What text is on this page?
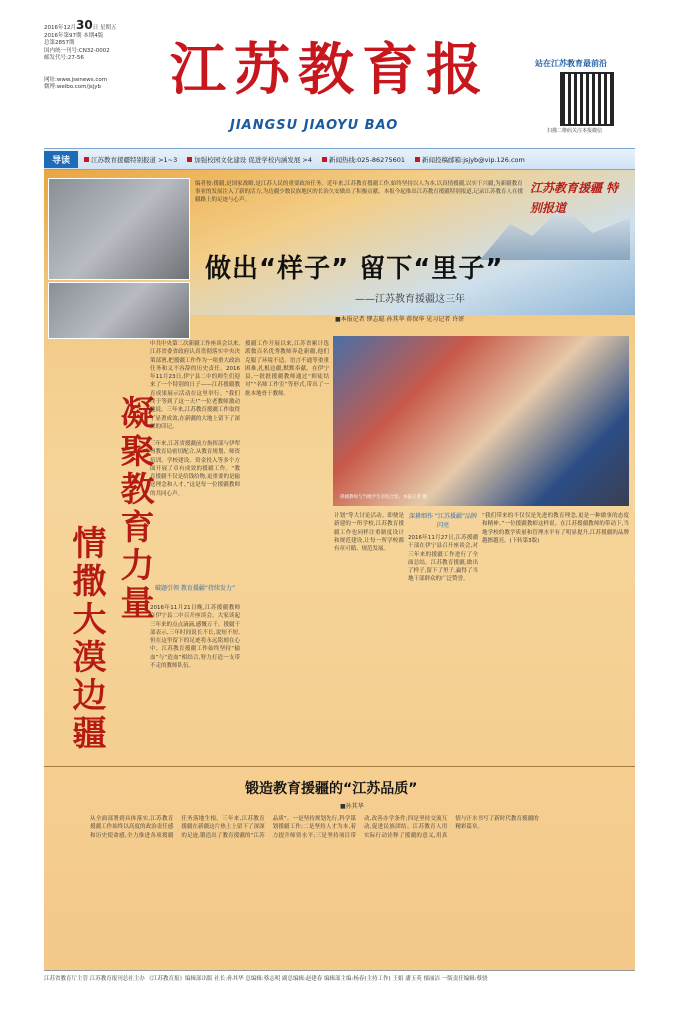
2016年12月30日 星期五
2016年第97期 本期4版
总第2857期
国内统一刊号:CN32-0002
邮发代号:27-56
网址:www.jsenews.com
微博:weibo.com/jsjyb	江苏教育报
JIANGSU JIAOYU BAO
站在江苏教育最前沿
扫描二维码关注本报微信
导读	江苏教育援疆特别报道 >1~3	加强校园文化建设 促进学校内涵发展 >4	新闻热线:025-86275601	新闻投稿邮箱:jsjyb@vip.126.com
江苏教育援疆 特别报道
编者按:援疆,是国家战略,是江苏人民的重要政治任务。近年来,江苏教育援疆工作,始终坚持以人为本,以真情援疆,以实干兴疆,为新疆教育事业的发展注入了新的活力,为边疆少数民族地区的长治久安做出了积极贡献。本报今起推出江苏教育援疆特别报道,记录江苏教育人在援疆路上的足迹与心声。
做出“样子” 留下“里子”
——江苏教育援疆这三年
■本报记者 缪志聪 孙其华 蒋保华 见习记者 许妍
凝聚教育力量
情撒大漠边疆
中共中央第二次新疆工作座谈会以来,江苏省委省政府认真贯彻落实中央决策部署,把援疆工作作为一项重大政治任务和义不容辞的历史责任。2016年11月23日,伊宁县二中的师生们迎来了一个特别的日子——江苏援疆教育成果展示活动在这里举行。“我们终于等到了这一天!”一位老教师激动地说。三年来,江苏教育援疆工作取得了显著成效,在新疆的大地上留下了深深的印记。
三年来,江苏省援疆前方指挥部与伊犁州教育局密切配合,从教育规划、师资培训、学校建设、资金投入等多个方面开展了卓有成效的援疆工作。“教育援疆不仅是给钱给物,更重要的是输送理念和人才。”这是每一位援疆教师的共同心声。
破题引领 教育援疆“持续发力”
2016年11月21日晚,江苏援疆教师在伊宁县二中召开座谈会。大家谈起三年来的点点滴滴,感慨万千。援疆干部表示,三年时间说长不长,说短不短,但在这里留下的足迹将永远铭刻在心中。江苏教育援疆工作始终坚持“输血”与“造血”相结合,努力打造一支带不走的教师队伍。
援疆工作开展以来,江苏省累计选派数百名优秀教师奔赴新疆,他们克服了环境不适、语言不通等重重困难,扎根边疆,默默奉献。在伊宁县,一批批援疆教师通过“师徒结对”“名师工作室”等形式,带出了一批本地骨干教师。
援疆教师与当地学生亲切合影。本报记者 摄
计划“等大讨论活动。即便是新建的一所学校,江苏教育援疆工作也同样注重制度设计和规范建设,让每一所学校都有章可循、规范发展。
深耕细作 “江苏援疆”品牌闪亮
2016年11月27日,江苏援疆干部在伊宁县召开座谈会,对三年来的援疆工作进行了全面总结。江苏教育援疆,做出了样子,留下了里子,赢得了当地干部群众的广泛赞誉。
“我们带来的不仅仅是先进的教育理念,更是一种做事的态度和精神。”一位援疆教师这样说。在江苏援疆教师的带动下,当地学校的教学质量和管理水平有了明显提升,江苏援疆的品牌越擦越亮。(下转第3版)
锻造教育援疆的“江苏品质”
■孙其华
从全面部署到具体落实,江苏教育援疆工作始终以高度的政治责任感和历史使命感,全力推进各项援疆任务落地生根。三年来,江苏教育援疆在新疆这片热土上留下了深深的足迹,锻造出了教育援疆的“江苏品质”。一是坚持规划先行,科学谋划援疆工作;二是坚持人才为本,着力提升师资水平;三是坚持项目带动,改善办学条件;四是坚持交流互动,促进民族团结。江苏教育人用实际行动诠释了援疆的意义,用真情与汗水书写了新时代教育援疆的精彩篇章。
江苏省教育厅主管 江苏教育报刊总社主办 《江苏教育报》编辑部出版 社长:孙其华 总编辑:蔡志明 副总编辑:赵建春 编辑部主编:杨春(主持工作) 王娟 潘玉英 郁丽洁 一版责任编辑:蔡骁
